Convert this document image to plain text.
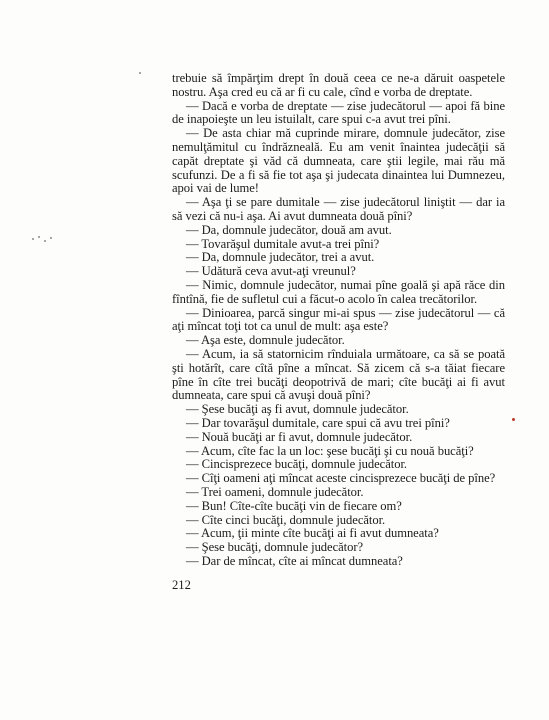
trebuie să împărţim drept în două ceea ce ne-a dăruit oaspetele nostru. Aşa cred eu că ar fi cu cale, cînd e vorba de dreptate.

— Dacă e vorba de dreptate — zise judecătorul — apoi fă bine de inapoieşte un leu istuilalt, care spui c-a avut trei pîni.

— De asta chiar mă cuprinde mirare, domnule judecător, zise nemulţămitul cu îndrăzneală. Eu am venit înaintea judecăţii să capăt dreptate şi văd că dumneata, care ştii legile, mai rău mă scufunzi. De a fi să fie tot aşa şi judecata dinaintea lui Dumnezeu, apoi vai de lume!

— Aşa ţi se pare dumitale — zise judecătorul liniştit — dar ia să vezi că nu-i aşa. Ai avut dumneata două pîni?

— Da, domnule judecător, două am avut.

— Tovarăşul dumitale avut-a trei pîni?

— Da, domnule judecător, trei a avut.

— Udătură ceva avut-aţi vreunul?

— Nimic, domnule judecător, numai pîne goală şi apă răce din fîntînă, fie de sufletul cui a făcut-o acolo în calea trecătorilor.

— Dinioarea, parcă singur mi-ai spus — zise judecătorul — că aţi mîncat toţi tot ca unul de mult: aşa este?

— Aşa este, domnule judecător.

— Acum, ia să statornicim rînduiala următoare, ca să se poată şti hotărît, care cîtă pîne a mîncat. Să zicem că s-a tăiat fiecare pîne în cîte trei bucăţi deopotrivă de mari; cîte bucăţi ai fi avut dumneata, care spui că avuşi două pîni?

— Şese bucăţi aş fi avut, domnule judecător.

— Dar tovarăşul dumitale, care spui că avu trei pîni?

— Nouă bucăţi ar fi avut, domnule judecător.

— Acum, cîte fac la un loc: şese bucăţi şi cu nouă bucăţi?

— Cincisprezece bucăţi, domnule judecător.

— Cîţi oameni aţi mîncat aceste cincisprezece bucăţi de pîne?

— Trei oameni, domnule judecător.

— Bun! Cîte-cîte bucăţi vin de fiecare om?

— Cîte cinci bucăţi, domnule judecător.

— Acum, ţii minte cîte bucăţi ai fi avut dumneata?

— Şese bucăţi, domnule judecător?

— Dar de mîncat, cîte ai mîncat dumneata?

212
